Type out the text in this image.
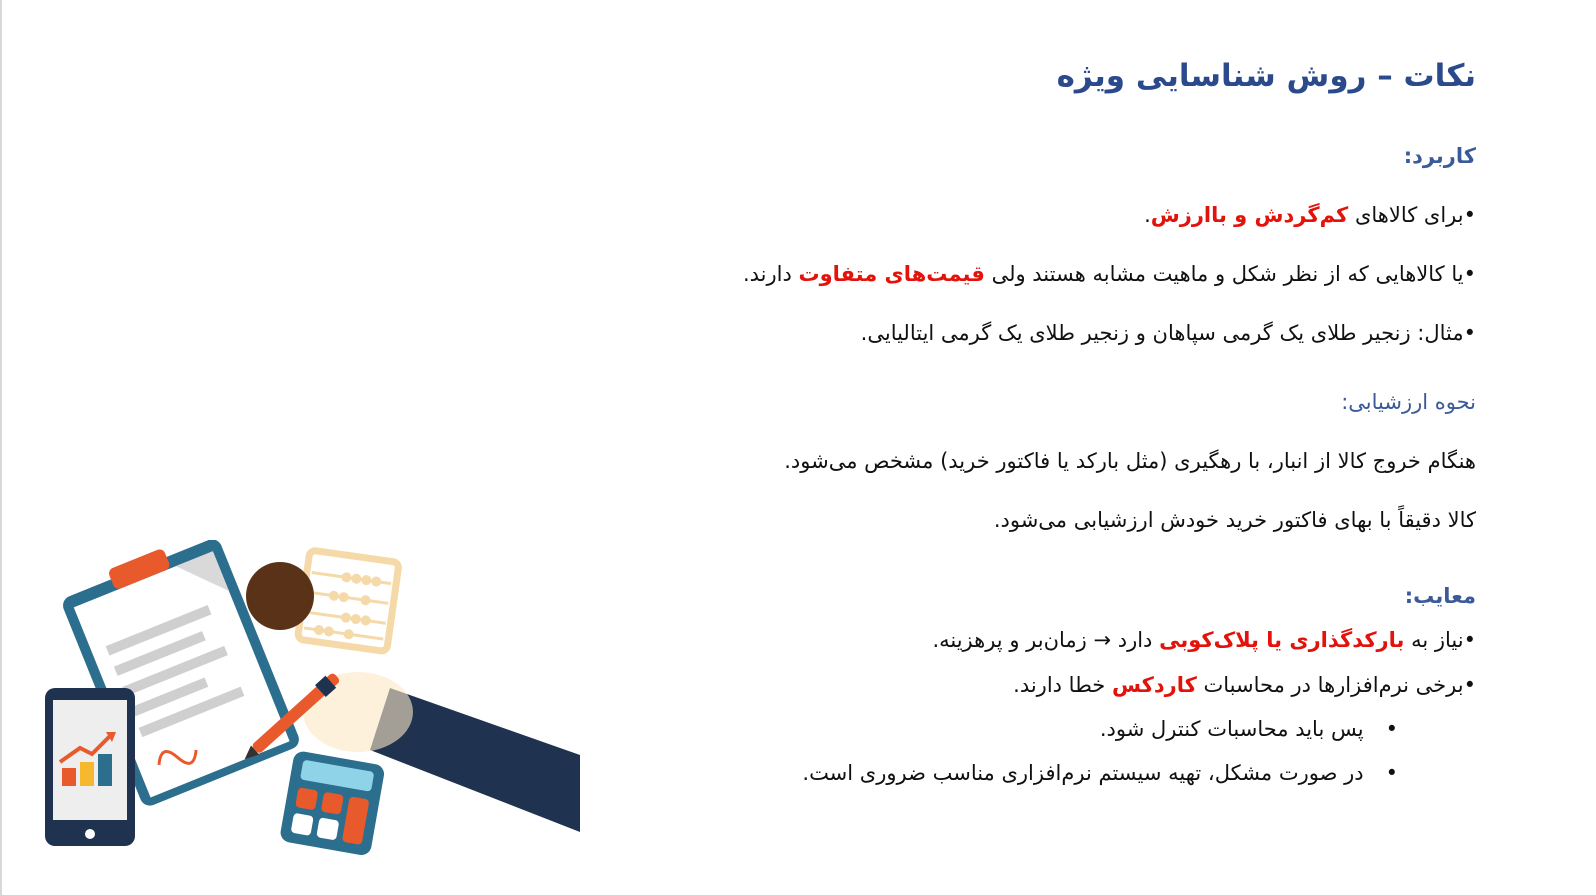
نکات – روش شناسایی ویژه
کاربرد:
•برای کالاهای کم‌گردش و باارزش.
•یا کالاهایی که از نظر شکل و ماهیت مشابه هستند ولی قیمت‌های متفاوت دارند.
•مثال: زنجیر طلای یک گرمی سپاهان و زنجیر طلای یک گرمی ایتالیایی.
نحوه ارزشیابی:
هنگام خروج کالا از انبار، با رهگیری (مثل بارکد یا فاکتور خرید) مشخص می‌شود.
کالا دقیقاً با بهای فاکتور خرید خودش ارزشیابی می‌شود.
معایب:
•نیاز به بارکدگذاری یا پلاک‌کوبی دارد → زمان‌بر و پرهزینه.
•برخی نرم‌افزارها در محاسبات کاردکس خطا دارند.
•پس باید محاسبات کنترل شود.
•در صورت مشکل، تهیه سیستم نرم‌افزاری مناسب ضروری است.
